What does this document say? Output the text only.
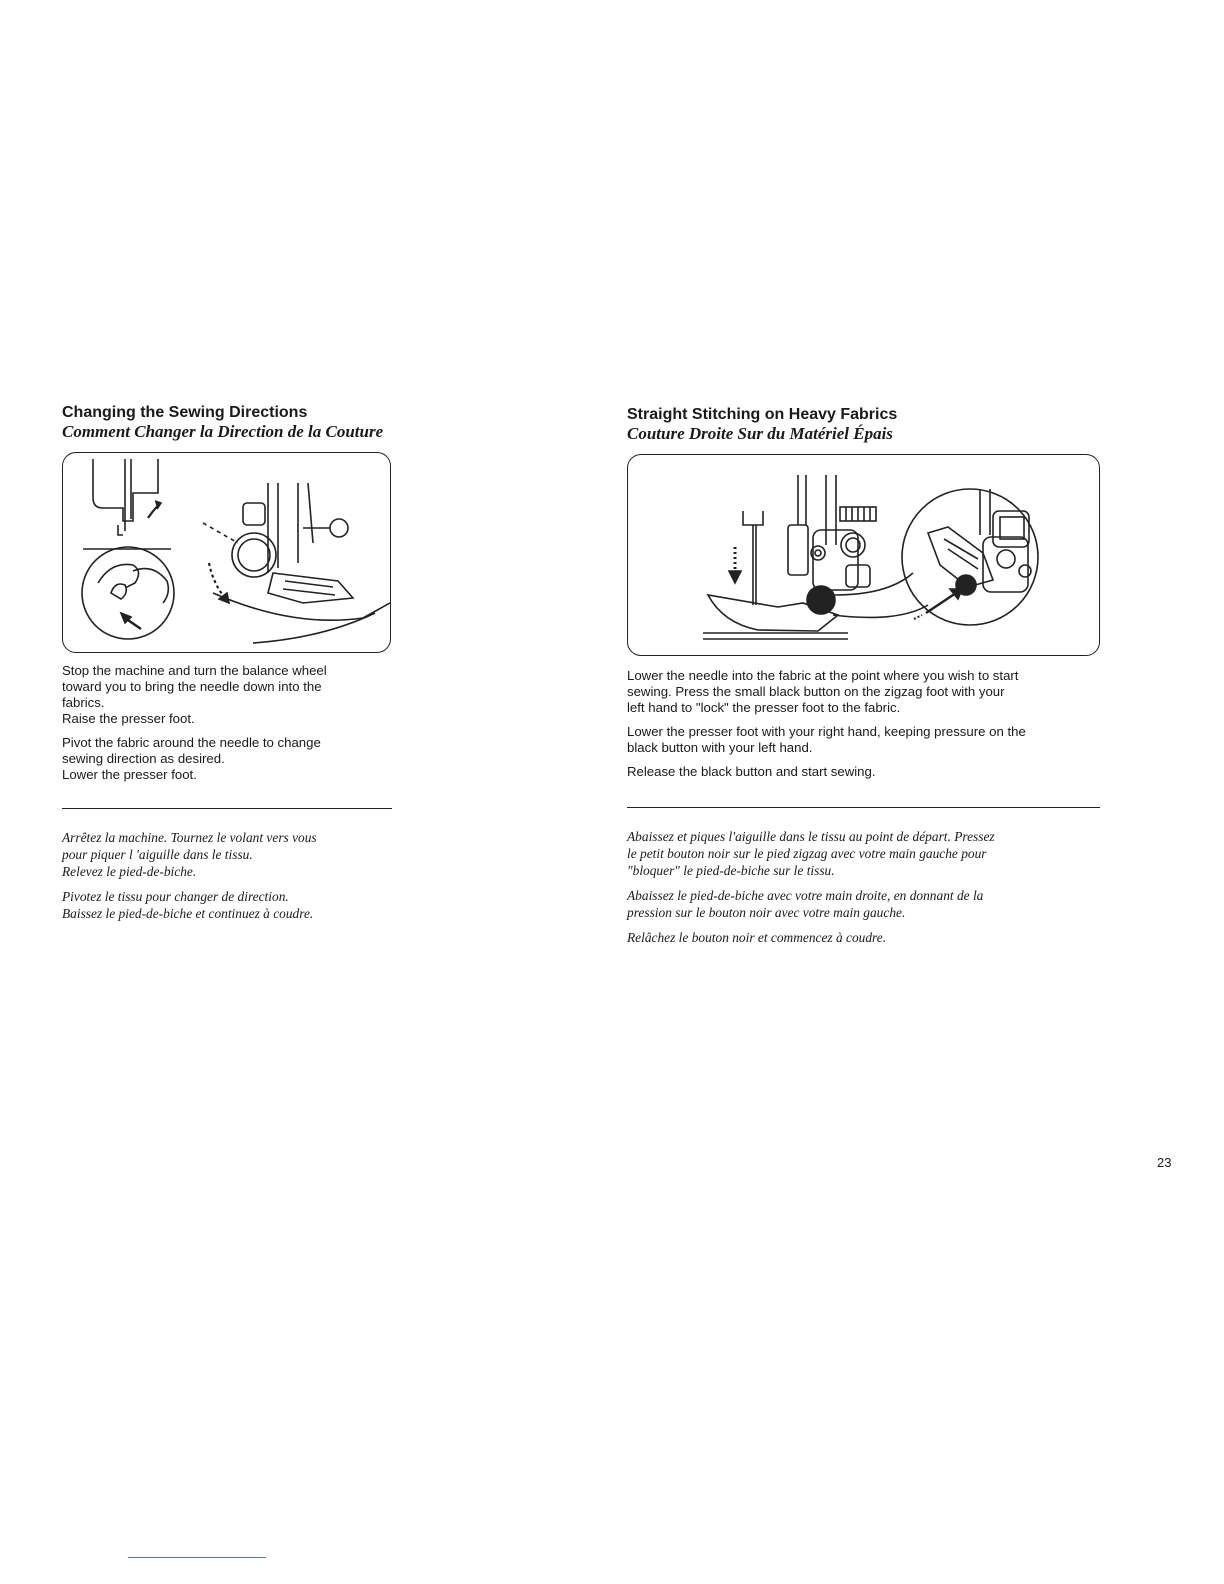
Changing the Sewing Directions

Comment Changer la Direction de la Couture

Stop the machine and turn the balance wheel

toward you to bring the needle down into the

fabrics.

Raise the presser foot.

Pivot the fabric around the needle to change

sewing direction as desired.

Lower the presser foot.

Arrêtez la machine. Tournez le volant vers vous

pour piquer l 'aiguille dans le tissu.

Relevez le pied-de-biche.

Pivotez le tissu pour changer de direction.

Baissez le pied-de-biche et continuez à coudre.

Straight Stitching on Heavy Fabrics

Couture Droite Sur du Matériel Épais

Lower the needle into the fabric at the point where you wish to start

sewing. Press the small black button on the zigzag foot with your

left hand to "lock" the presser foot to the fabric.

Lower the presser foot with your right hand, keeping pressure on the

black button with your left hand.

Release the black button and start sewing.

Abaissez et piques l'aiguille dans le tissu au point de départ. Pressez

le petit bouton noir sur le pied zigzag avec votre main gauche pour

"bloquer" le pied-de-biche sur le tissu.

Abaissez le pied-de-biche avec votre main droite, en donnant de la

pression sur le bouton noir avec votre main gauche.

Relâchez le bouton noir et commencez à coudre.

23
